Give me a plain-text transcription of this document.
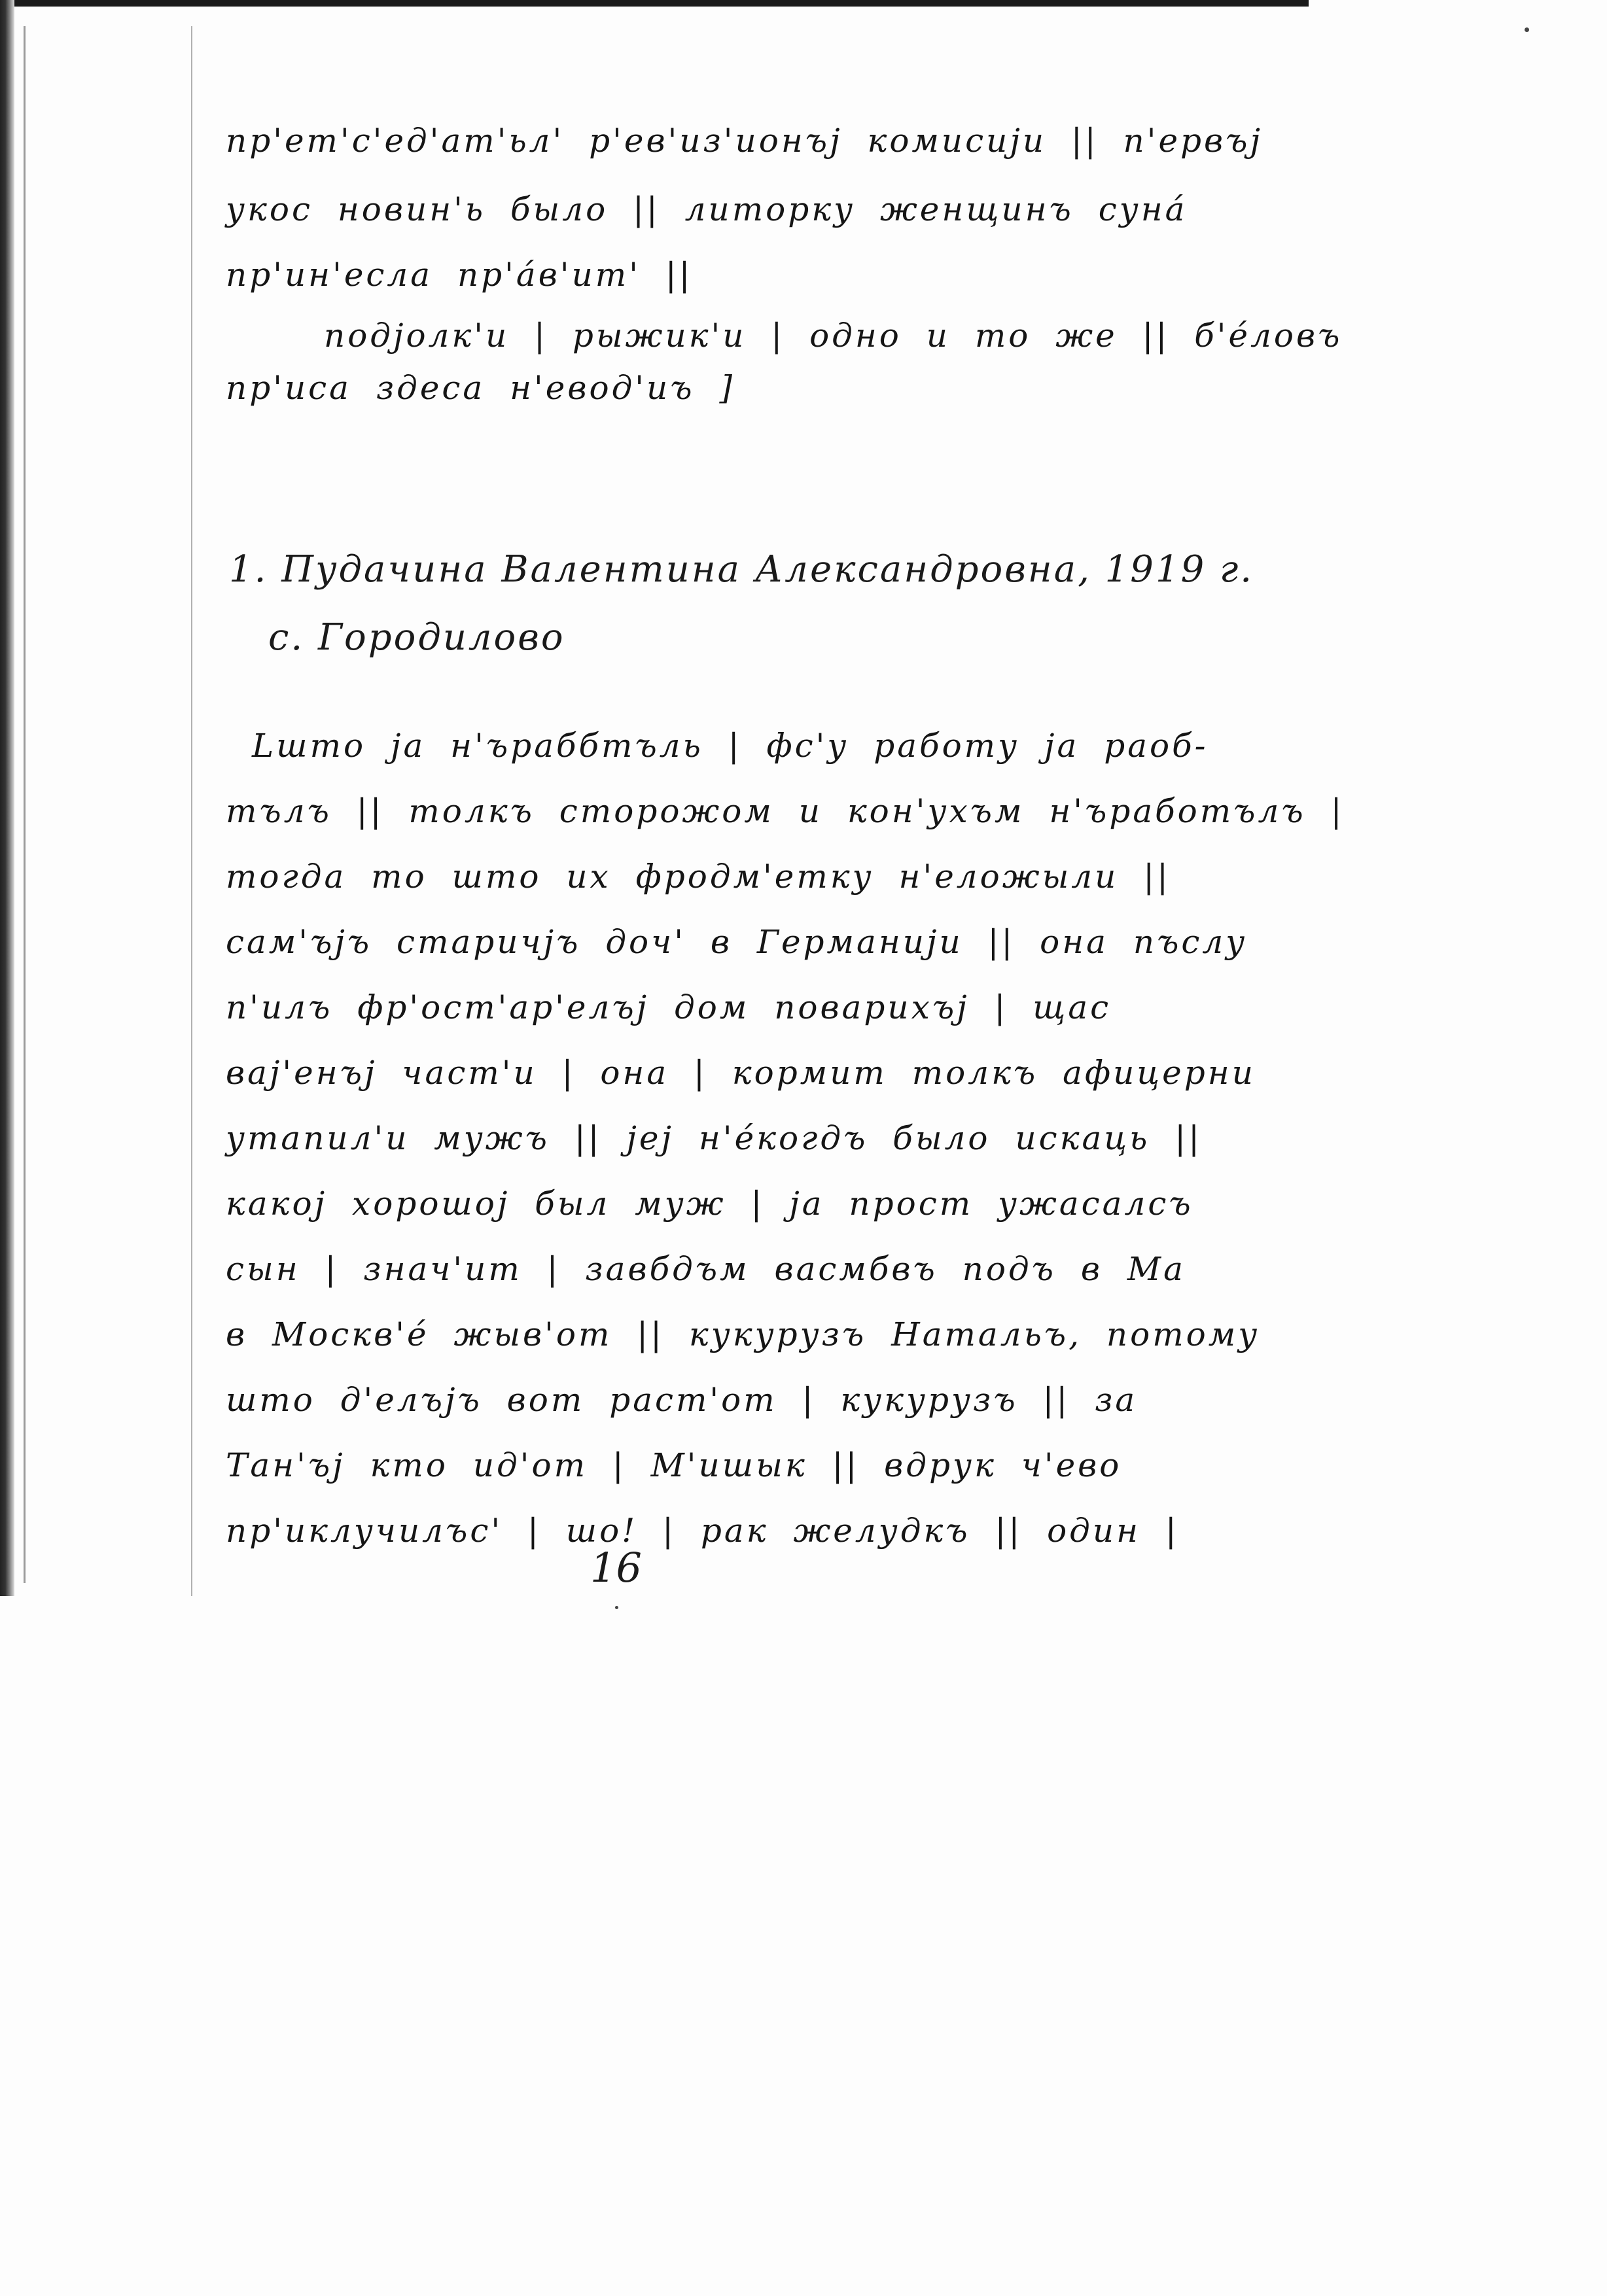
пр'ет'с'ед'ат'ьл' р'ев'из'ионъј комисији || п'ервъј
укос новин'ь было || литорку женщинъ сунá
пр'ин'есла пр'áв'ит' ||
подјолк'и | рыжик'и | одно и то же || б'éловъ
пр'иса здеса н'евод'иъ ]
1. Пудачина Валентина Александровна, 1919 г.
с. Городилово
Lшто ја н'ъраббтъль | фс'у работу ја раоб-
тълъ || толкъ сторожом и кон'ухъм н'ъработълъ |
тогда то што их фродм'етку н'еложыли ||
сам'ъјъ старичјъ доч' в Германији || она пъслу
п'илъ фр'ост'ар'елъј дом поварихъј | щас
вај'енъј част'и | она | кормит толкъ афицерни
утапил'и мужъ || јеј н'éкогдъ было искаць ||
какој хорошој был муж | ја прост ужасалсъ
сын | знач'ит | завбдъм васмбвъ подъ в Ма
в Москв'é жыв'от || кукурузъ Натальъ, потому
што д'елъјъ вот раст'от | кукурузъ || за
Тан'ъј кто ид'от | М'ишык || вдрук ч'ево
пр'иклучилъс' | шо! | рак желудкъ || один |
16
